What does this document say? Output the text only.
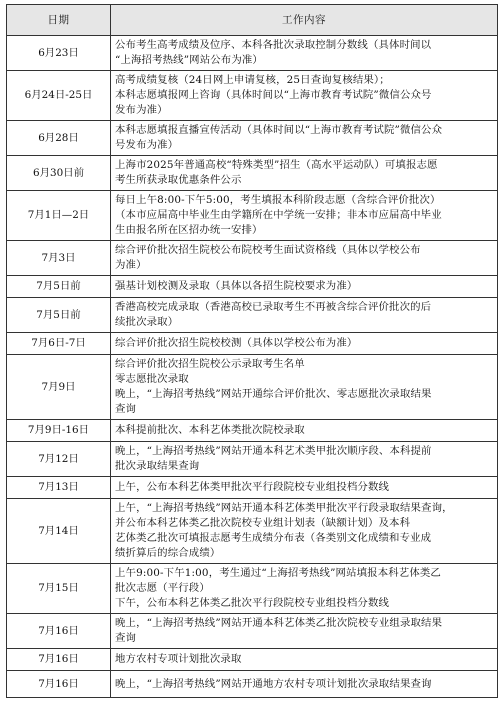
日期	工作内容
6月23日	公布考生高考成绩及位序、本科各批次录取控制分数线（具体时间以
“上海招考热线”网站公布为准）

6月24日-25日	高考成绩复核（24日网上申请复核，25日查询复核结果）；
本科志愿填报网上咨询（具体时间以“上海市教育考试院”微信公众号
发布为准）

6月28日	本科志愿填报直播宣传活动（具体时间以“上海市教育考试院”微信公众
号发布为准）

6月30日前	上海市2025年普通高校“特殊类型”招生（高水平运动队）可填报志愿
考生所获录取优惠条件公示

7月1日—2日	每日上午8:00-下午5:00，考生填报本科阶段志愿（含综合评价批次）
（本市应届高中毕业生由学籍所在中学统一安排；非本市应届高中毕业
生由报名所在区招办统一安排）

7月3日	综合评价批次招生院校公布院校考生面试资格线（具体以学校公布
为准）

7月5日前	强基计划校测及录取（具体以各招生院校要求为准）

7月5日前	香港高校完成录取（香港高校已录取考生不再被含综合评价批次的后
续批次录取）

7月6日-7日	综合评价批次招生院校校测（具体以学校公布为准）

7月9日	综合评价批次招生院校公示录取考生名单
零志愿批次录取
晚上，“上海招考热线”网站开通综合评价批次、零志愿批次录取结果
查询

7月9日-16日	本科提前批次、本科艺体类批次院校录取

7月12日	晚上，“上海招考热线”网站开通本科艺术类甲批次顺序段、本科提前
批次录取结果查询

7月13日	上午，公布本科艺体类甲批次平行段院校专业组投档分数线

7月14日	上午，“上海招考热线”网站开通本科艺体类甲批次平行段录取结果查询，
并公布本科艺体类乙批次院校专业组计划表（缺额计划）及本科
艺体类乙批次可填报志愿考生成绩分布表（各类别文化成绩和专业成
绩折算后的综合成绩）

7月15日	上午9:00-下午1:00，考生通过“上海招考热线”网站填报本科艺体类乙
批次志愿（平行段）
下午，公布本科艺体类乙批次平行段院校专业组投档分数线

7月16日	晚上，“上海招考热线”网站开通本科艺体类乙批次院校专业组录取结果
查询

7月16日	地方农村专项计划批次录取

7月16日	晚上，“上海招考热线”网站开通地方农村专项计划批次录取结果查询
